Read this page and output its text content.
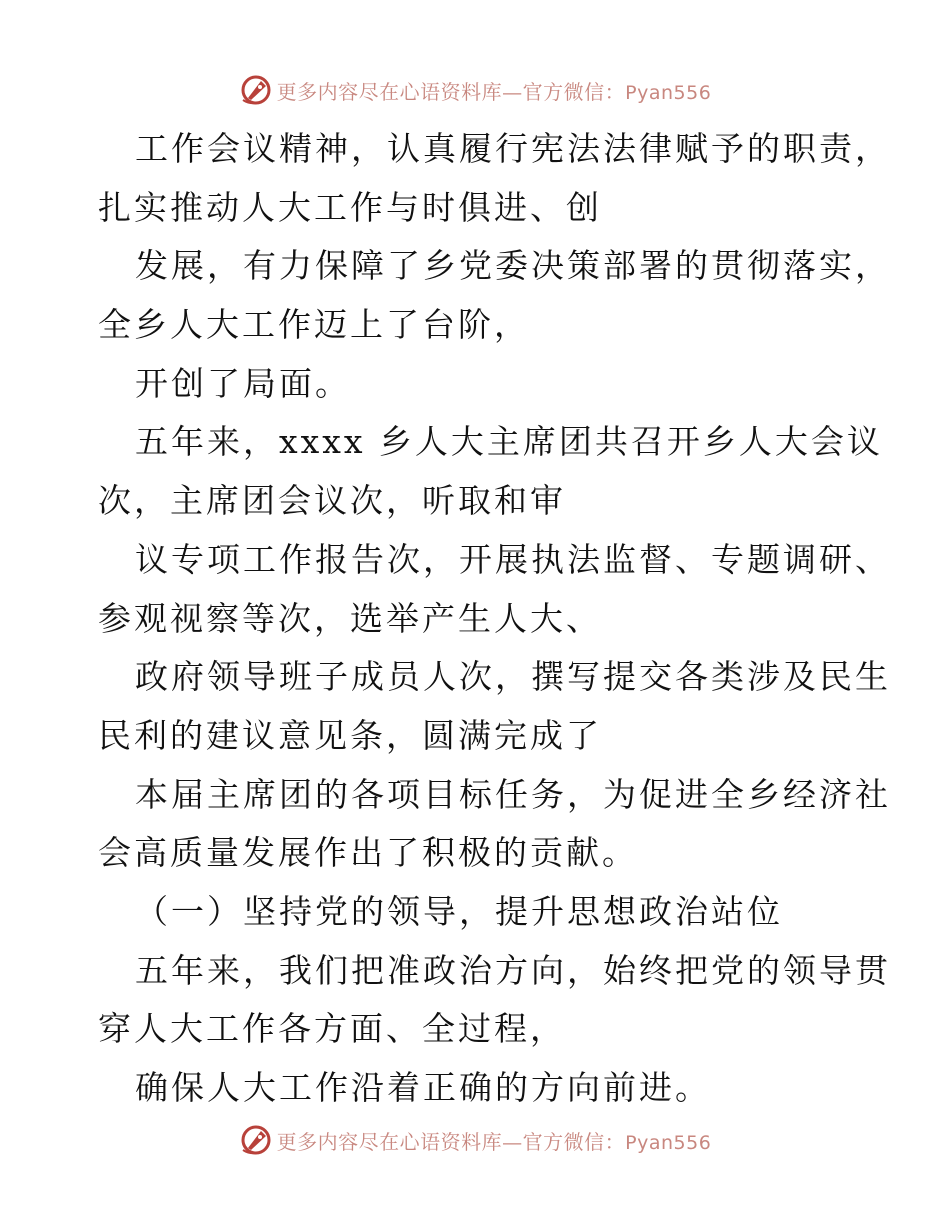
更多内容尽在心语资料库—官方微信：Pyan556
工作会议精神，认真履行宪法法律赋予的职责，
扎实推动人大工作与时俱进、创
发展，有力保障了乡党委决策部署的贯彻落实，
全乡人大工作迈上了台阶，
开创了局面。
五年来，xxxx 乡人大主席团共召开乡人大会议
次，主席团会议次，听取和审
议专项工作报告次，开展执法监督、专题调研、
参观视察等次，选举产生人大、
政府领导班子成员人次，撰写提交各类涉及民生
民利的建议意见条，圆满完成了
本届主席团的各项目标任务，为促进全乡经济社
会高质量发展作出了积极的贡献。
（一）坚持党的领导，提升思想政治站位
五年来，我们把准政治方向，始终把党的领导贯
穿人大工作各方面、全过程，
确保人大工作沿着正确的方向前进。
更多内容尽在心语资料库—官方微信：Pyan556
